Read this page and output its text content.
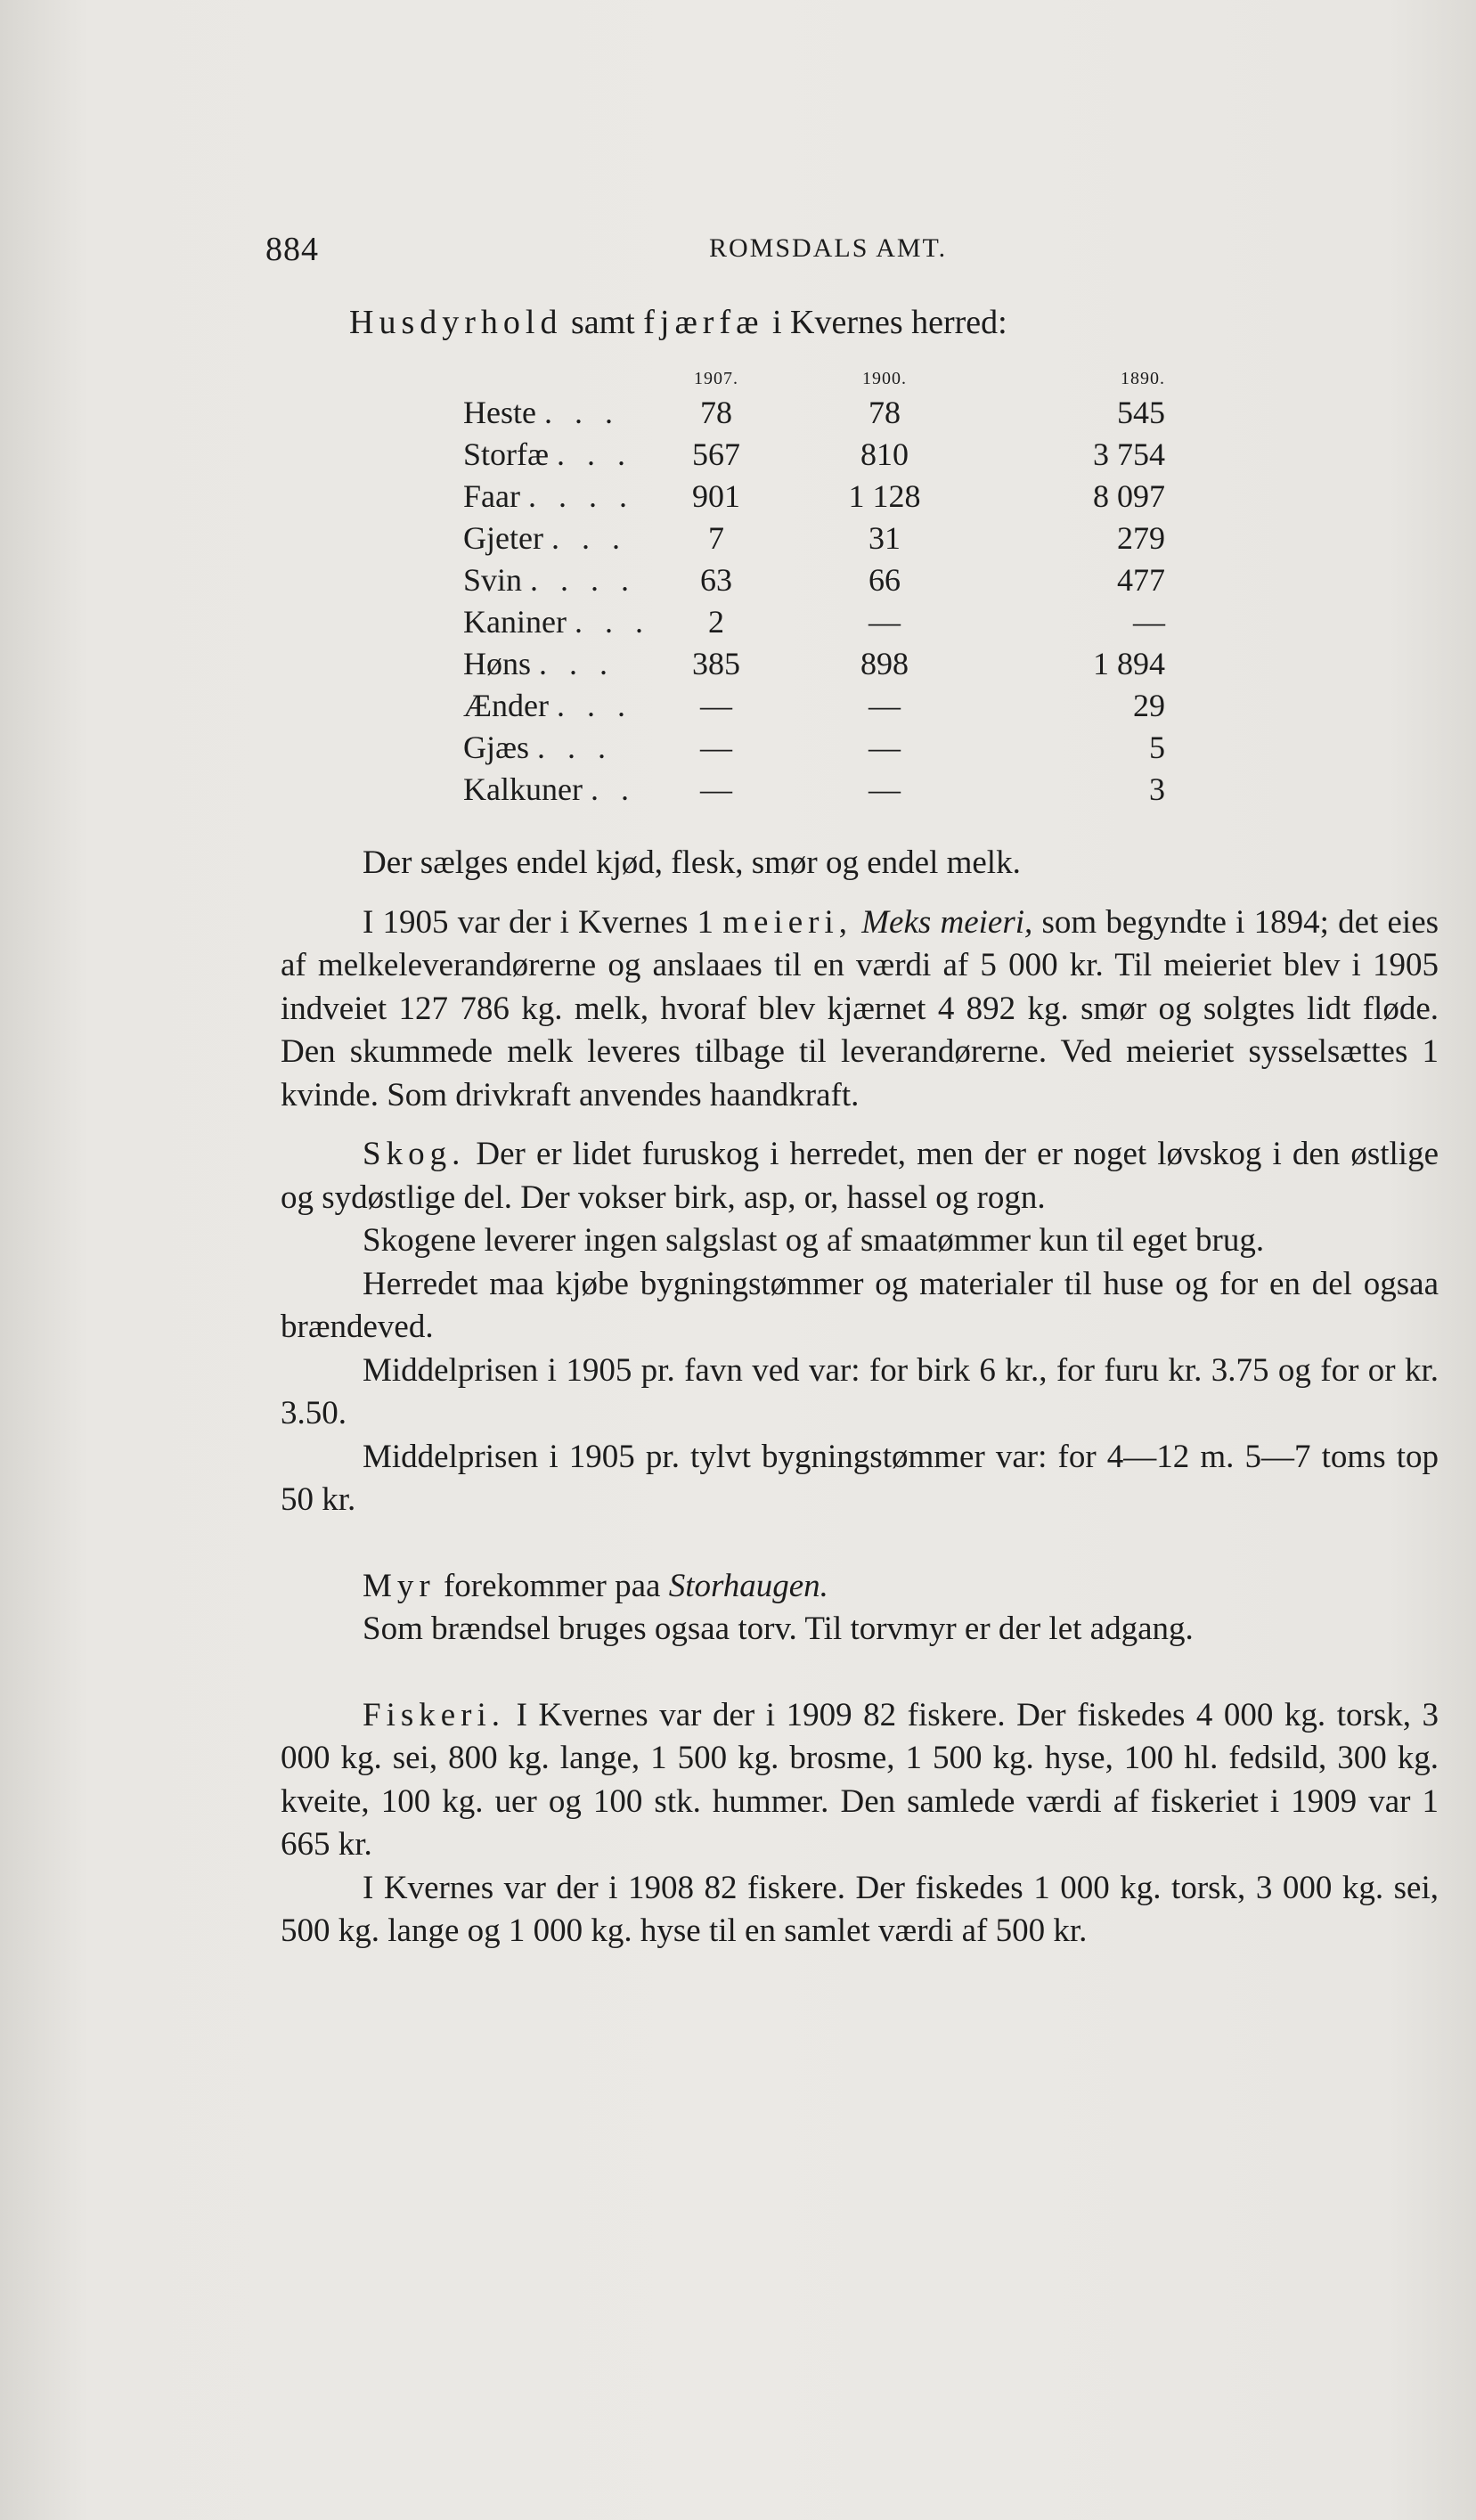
884	ROMSDALS AMT.
Husdyrhold samt fjærfæ i Kvernes herred:
	1907.	1900.	1890.
Heste . . .	78	78	545
Storfæ . . .	567	810	3 754
Faar . . . .	901	1 128	8 097
Gjeter . . .	7	31	279
Svin . . . .	63	66	477
Kaniner . . .	2	—	—
Høns . . .	385	898	1 894
Ænder . . .	—	—	29
Gjæs . . .	—	—	5
Kalkuner . .	—	—	3

Der sælges endel kjød, flesk, smør og endel melk.

I 1905 var der i Kvernes 1 meieri, Meks meieri, som begyndte i 1894; det eies af melkeleverandørerne og anslaaes til en værdi af 5 000 kr. Til meieriet blev i 1905 indveiet 127 786 kg. melk, hvoraf blev kjærnet 4 892 kg. smør og solgtes lidt fløde. Den skummede melk leveres tilbage til leverandørerne. Ved meieriet sysselsættes 1 kvinde. Som drivkraft anvendes haandkraft.

Skog. Der er lidet furuskog i herredet, men der er noget løvskog i den østlige og sydøstlige del. Der vokser birk, asp, or, hassel og rogn.

Skogene leverer ingen salgslast og af smaatømmer kun til eget brug.

Herredet maa kjøbe bygningstømmer og materialer til huse og for en del ogsaa brændeved.

Middelprisen i 1905 pr. favn ved var: for birk 6 kr., for furu kr. 3.75 og for or kr. 3.50.

Middelprisen i 1905 pr. tylvt bygningstømmer var: for 4—12 m. 5—7 toms top 50 kr.

Myr forekommer paa Storhaugen.

Som brændsel bruges ogsaa torv. Til torvmyr er der let adgang.

Fiskeri. I Kvernes var der i 1909 82 fiskere. Der fiskedes 4 000 kg. torsk, 3 000 kg. sei, 800 kg. lange, 1 500 kg. brosme, 1 500 kg. hyse, 100 hl. fedsild, 300 kg. kveite, 100 kg. uer og 100 stk. hummer. Den samlede værdi af fiskeriet i 1909 var 1 665 kr.

I Kvernes var der i 1908 82 fiskere. Der fiskedes 1 000 kg. torsk, 3 000 kg. sei, 500 kg. lange og 1 000 kg. hyse til en samlet værdi af 500 kr.
